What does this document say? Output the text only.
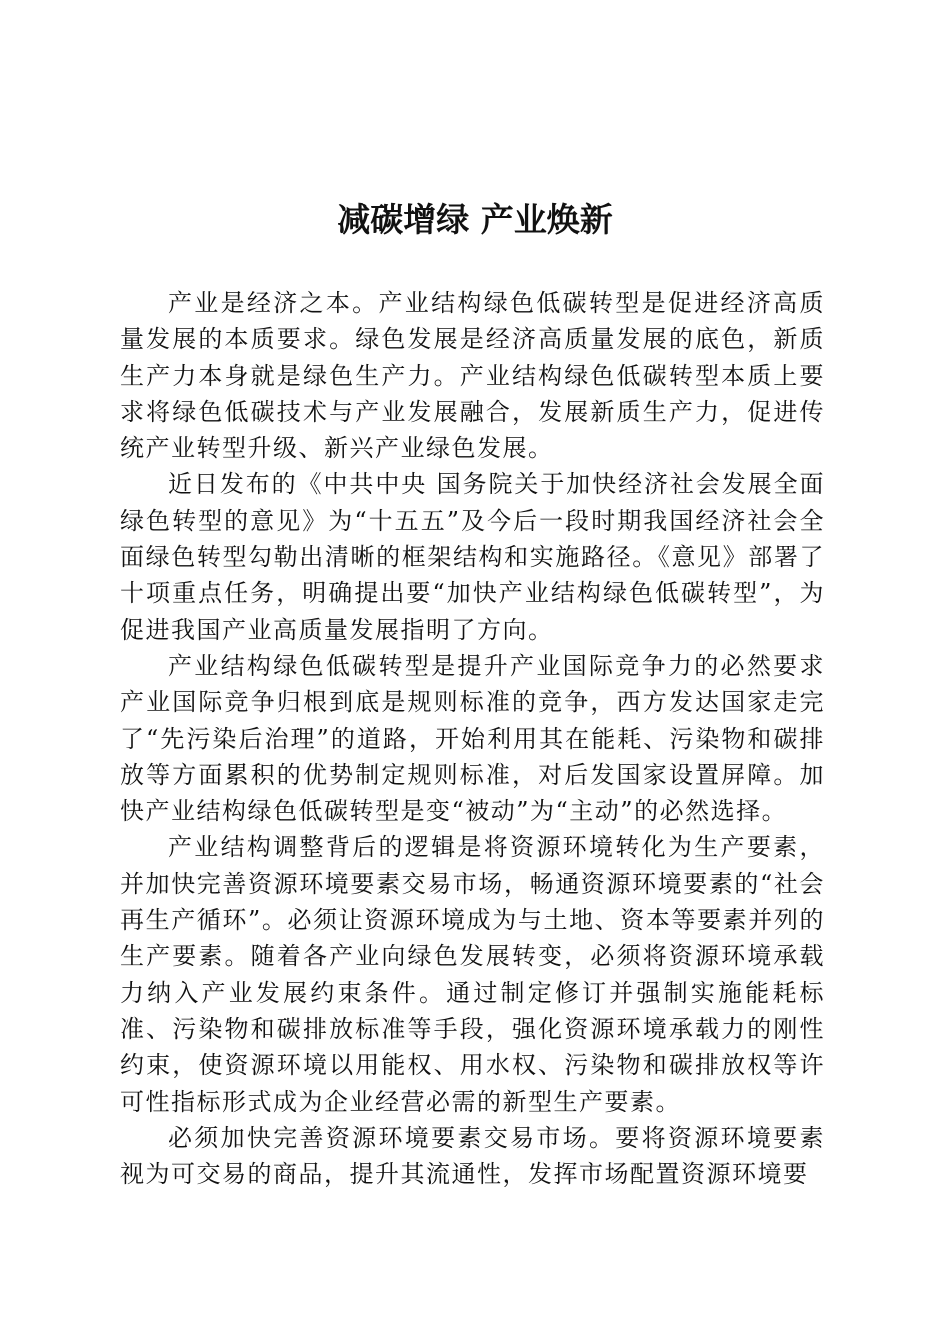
减碳增绿 产业焕新

产业是经济之本。产业结构绿色低碳转型是促进经济高质量发展的本质要求。绿色发展是经济高质量发展的底色，新质生产力本身就是绿色生产力。产业结构绿色低碳转型本质上要求将绿色低碳技术与产业发展融合，发展新质生产力，促进传统产业转型升级、新兴产业绿色发展。

近日发布的《中共中央 国务院关于加快经济社会发展全面绿色转型的意见》为“十五五”及今后一段时期我国经济社会全面绿色转型勾勒出清晰的框架结构和实施路径。《意见》部署了十项重点任务，明确提出要“加快产业结构绿色低碳转型”，为促进我国产业高质量发展指明了方向。

产业结构绿色低碳转型是提升产业国际竞争力的必然要求产业国际竞争归根到底是规则标准的竞争，西方发达国家走完了“先污染后治理”的道路，开始利用其在能耗、污染物和碳排放等方面累积的优势制定规则标准，对后发国家设置屏障。加快产业结构绿色低碳转型是变“被动”为“主动”的必然选择。

产业结构调整背后的逻辑是将资源环境转化为生产要素，并加快完善资源环境要素交易市场，畅通资源环境要素的“社会再生产循环”。必须让资源环境成为与土地、资本等要素并列的生产要素。随着各产业向绿色发展转变，必须将资源环境承载力纳入产业发展约束条件。通过制定修订并强制实施能耗标准、污染物和碳排放标准等手段，强化资源环境承载力的刚性约束，使资源环境以用能权、用水权、污染物和碳排放权等许可性指标形式成为企业经营必需的新型生产要素。

必须加快完善资源环境要素交易市场。要将资源环境要素视为可交易的商品，提升其流通性，发挥市场配置资源环境要
